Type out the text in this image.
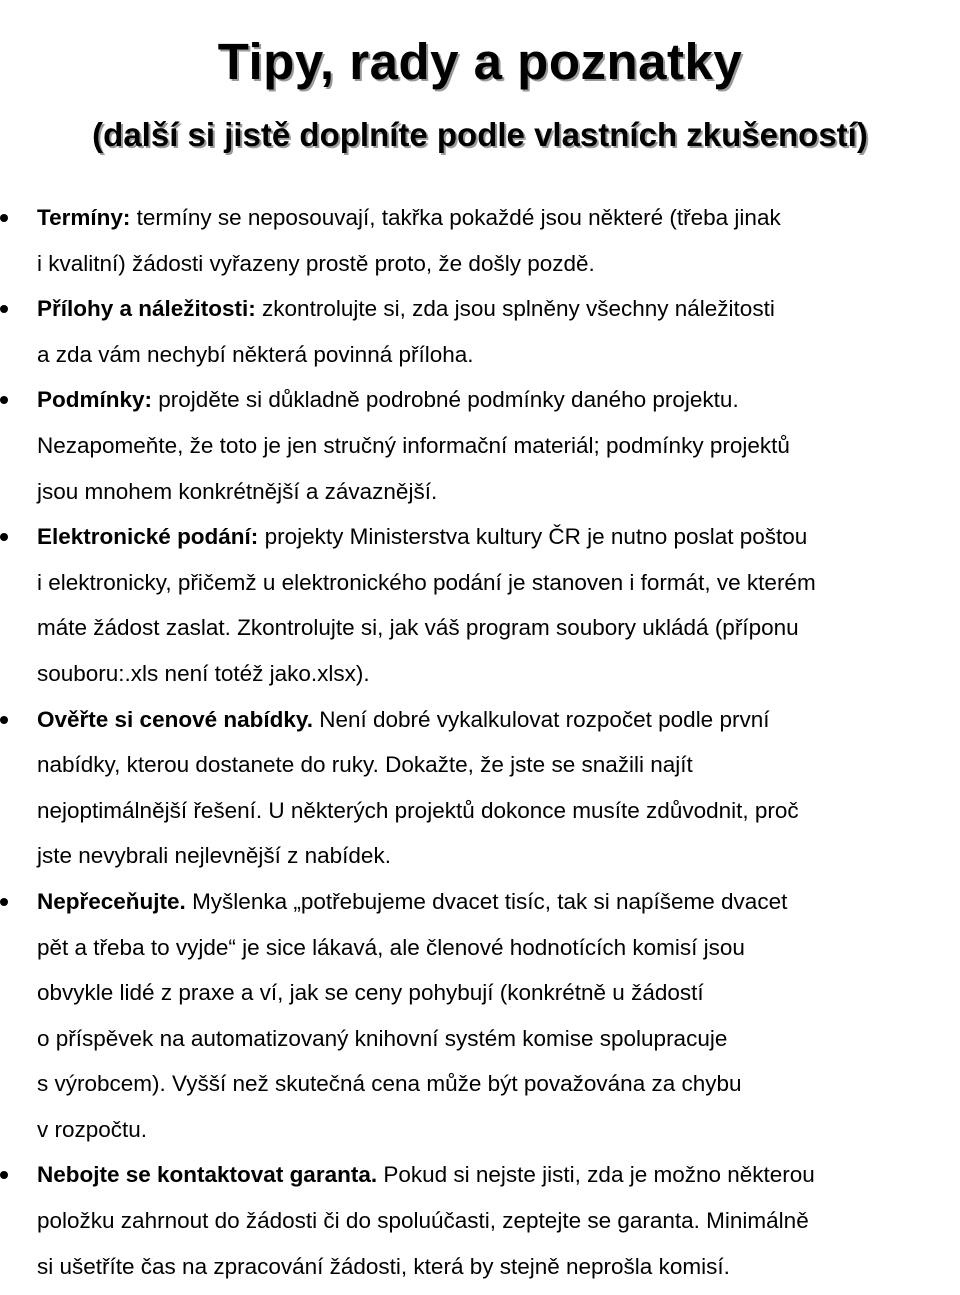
Tipy, rady a poznatky
(další si jistě doplníte podle vlastních zkušeností)
Termíny: termíny se neposouvají, takřka pokaždé jsou některé (třeba jinak
i kvalitní) žádosti vyřazeny prostě proto, že došly pozdě.
Přílohy a náležitosti: zkontrolujte si, zda jsou splněny všechny náležitosti
a zda vám nechybí některá povinná příloha.
Podmínky: projděte si důkladně podrobné podmínky daného projektu.
Nezapomeňte, že toto je jen stručný informační materiál; podmínky projektů
jsou mnohem konkrétnější a závaznější.
Elektronické podání: projekty Ministerstva kultury ČR je nutno poslat poštou
i elektronicky, přičemž u elektronického podání je stanoven i formát, ve kterém
máte žádost zaslat. Zkontrolujte si, jak váš program soubory ukládá (příponu
souboru:.xls není totéž jako.xlsx).
Ověřte si cenové nabídky. Není dobré vykalkulovat rozpočet podle první
nabídky, kterou dostanete do ruky. Dokažte, že jste se snažili najít
nejoptimálnější řešení. U některých projektů dokonce musíte zdůvodnit, proč
jste nevybrali nejlevnější z nabídek.
Nepřeceňujte. Myšlenka „potřebujeme dvacet tisíc, tak si napíšeme dvacet
pět a třeba to vyjde“ je sice lákavá, ale členové hodnotících komisí jsou
obvykle lidé z praxe a ví, jak se ceny pohybují (konkrétně u žádostí
o příspěvek na automatizovaný knihovní systém komise spolupracuje
s výrobcem). Vyšší než skutečná cena může být považována za chybu
v rozpočtu.
Nebojte se kontaktovat garanta. Pokud si nejste jisti, zda je možno některou
položku zahrnout do žádosti či do spoluúčasti, zeptejte se garanta. Minimálně
si ušetříte čas na zpracování žádosti, která by stejně neprošla komisí.
